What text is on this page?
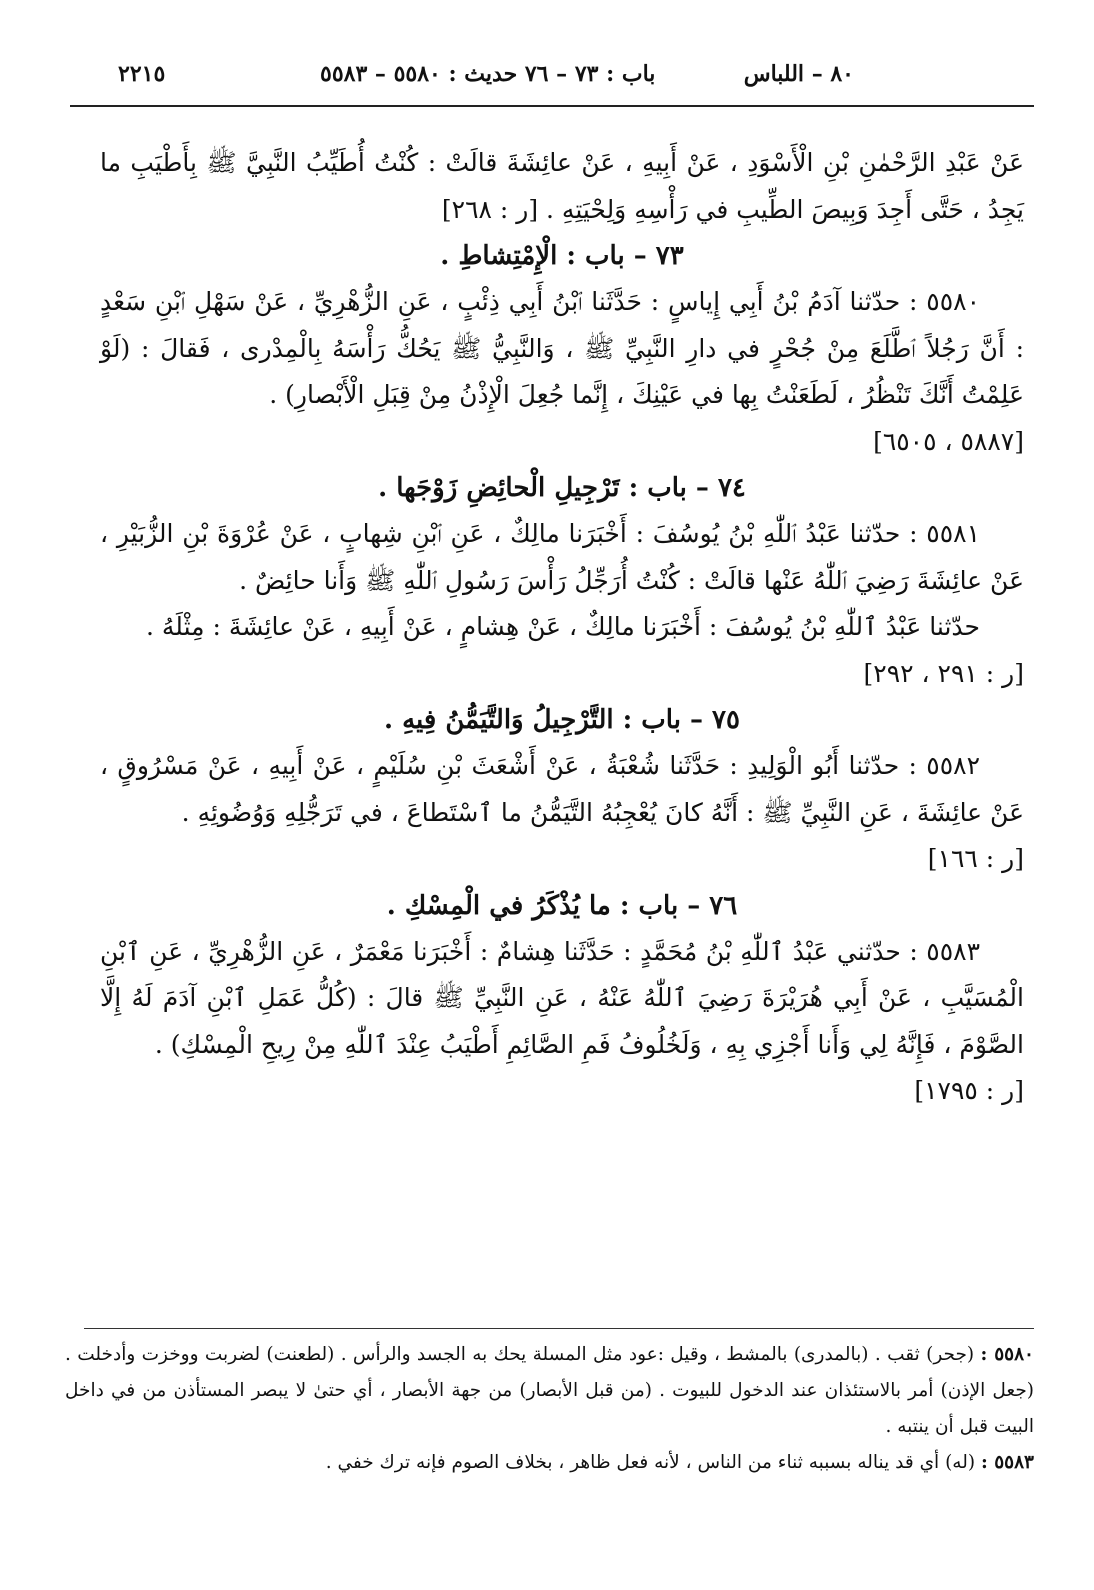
٢٢١٥	باب : ٧٣ – ٧٦ حديث : ٥٥٨٠ – ٥٥٨٣	٨٠ – اللباس

عَنْ عَبْدِ الرَّحْمٰنِ بْنِ الْأَسْوَدِ ، عَنْ أَبِيهِ ، عَنْ عائِشَةَ قالَتْ : كُنْتُ أُطَيِّبُ النَّبِيَّ ﷺ بِأَطْيَبِ ما يَجِدُ ، حَتَّى أَجِدَ وَبِيصَ الطِّيبِ في رَأْسِهِ وَلِحْيَتِهِ . [ر : ٢٦٨]

٧٣ – باب : الْإِمْتِشاطِ .

٥٥٨٠ : حدّثنا آدَمُ بْنُ أَبِي إِياسٍ : حَدَّثَنا ٱبْنُ أَبِي ذِئْبٍ ، عَنِ الزُّهْرِيِّ ، عَنْ سَهْلِ ٱبْنِ سَعْدٍ : أَنَّ رَجُلاً ٱطَّلَعَ مِنْ جُحْرٍ في دارِ النَّبِيِّ ﷺ ، وَالنَّبِيُّ ﷺ يَحُكُّ رَأْسَهُ بِالْمِدْرى ، فَقالَ : (لَوْ عَلِمْتُ أَنَّكَ تَنْظُرُ ، لَطَعَنْتُ بِها في عَيْنِكَ ، إِنَّما جُعِلَ الْإِذْنُ مِنْ قِبَلِ الْأَبْصارِ) .

[٥٨٨٧ ، ٦٥٠٥]

٧٤ – باب : تَرْجِيلِ الْحائِضِ زَوْجَها .

٥٥٨١ : حدّثنا عَبْدُ ٱللّٰهِ بْنُ يُوسُفَ : أَخْبَرَنا مالِكٌ ، عَنِ ٱبْنِ شِهابٍ ، عَنْ عُرْوَةَ بْنِ الزُّبَيْرِ ، عَنْ عائِشَةَ رَضِيَ ٱللّٰهُ عَنْها قالَتْ : كُنْتُ أُرَجِّلُ رَأْسَ رَسُولِ ٱللّٰهِ ﷺ وَأَنا حائِضٌ .

حدّثنا عَبْدُ ٱللّٰهِ بْنُ يُوسُفَ : أَخْبَرَنا مالِكٌ ، عَنْ هِشامٍ ، عَنْ أَبِيهِ ، عَنْ عائِشَةَ : مِثْلَهُ .

[ر : ٢٩١ ، ٢٩٢]

٧٥ – باب : التَّرْجِيلُ وَالتَّيَمُّنُ فِيهِ .

٥٥٨٢ : حدّثنا أَبُو الْوَلِيدِ : حَدَّثَنا شُعْبَةُ ، عَنْ أَشْعَثَ بْنِ سُلَيْمٍ ، عَنْ أَبِيهِ ، عَنْ مَسْرُوقٍ ، عَنْ عائِشَةَ ، عَنِ النَّبِيِّ ﷺ : أَنَّهُ كانَ يُعْجِبُهُ التَّيَمُّنُ ما ٱسْتَطاعَ ، في تَرَجُّلِهِ وَوُضُوئِهِ .

[ر : ١٦٦]

٧٦ – باب : ما يُذْكَرُ في الْمِسْكِ .

٥٥٨٣ : حدّثني عَبْدُ ٱللّٰهِ بْنُ مُحَمَّدٍ : حَدَّثَنا هِشامٌ : أَخْبَرَنا مَعْمَرٌ ، عَنِ الزُّهْرِيِّ ، عَنِ ٱبْنِ الْمُسَيَّبِ ، عَنْ أَبِي هُرَيْرَةَ رَضِيَ ٱللّٰهُ عَنْهُ ، عَنِ النَّبِيِّ ﷺ قالَ : (كُلُّ عَمَلِ ٱبْنِ آدَمَ لَهُ إِلَّا الصَّوْمَ ، فَإِنَّهُ لِي وَأَنا أَجْزِي بِهِ ، وَلَخُلُوفُ فَمِ الصَّائِمِ أَطْيَبُ عِنْدَ ٱللّٰهِ مِنْ رِيحِ الْمِسْكِ) .

[ر : ١٧٩٥]

٥٥٨٠ : (جحر) ثقب . (بالمدرى) بالمشط ، وقيل :عود مثل المسلة يحك به الجسد والرأس . (لطعنت) لضربت ووخزت وأدخلت . (جعل الإذن) أمر بالاستئذان عند الدخول للبيوت . (من قبل الأبصار) من جهة الأبصار ، أي حتىٰ لا يبصر المستأذن من في داخل البيت قبل أن ينتبه .

٥٥٨٣ : (له) أي قد يناله بسببه ثناء من الناس ، لأنه فعل ظاهر ، بخلاف الصوم فإنه ترك خفي .
